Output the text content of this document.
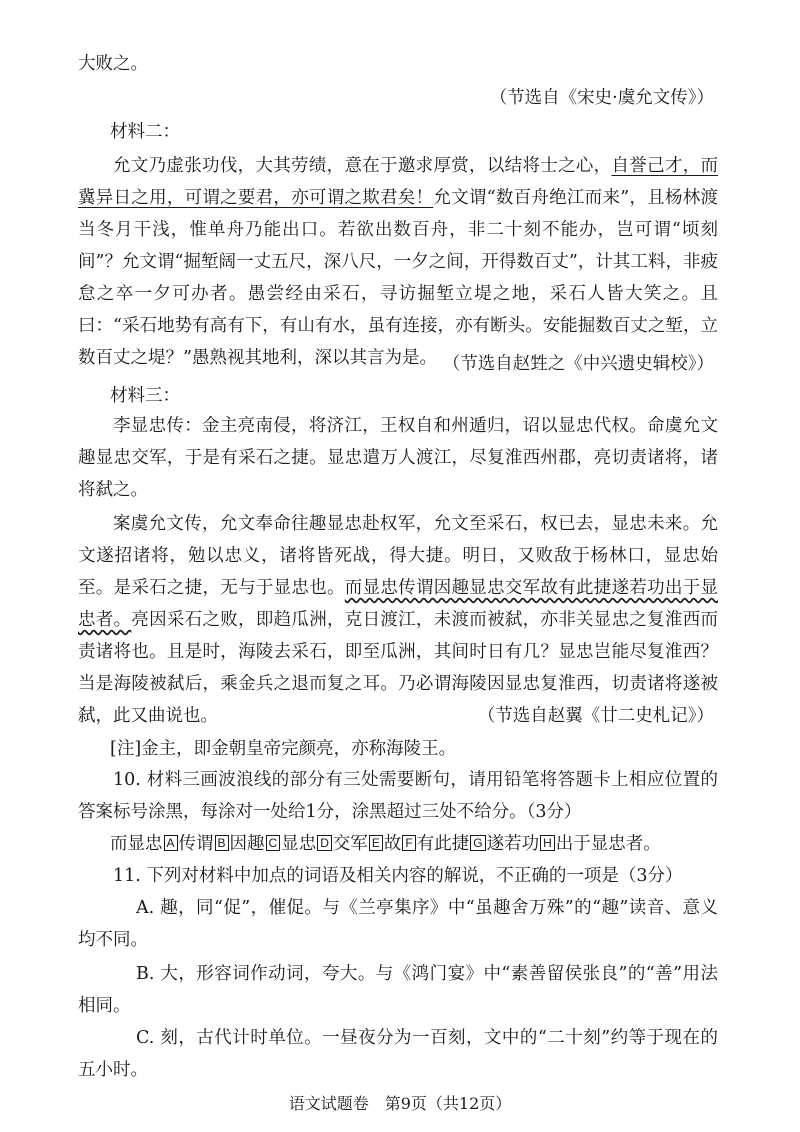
大败之。

（节选自《宋史·虞允文传》）

材料二：

允文乃虚张功伐，大其劳绩，意在于邀求厚赏，以结将士之心，自誉己才，而冀异日之用，可谓之要君，亦可谓之欺君矣！允文谓“数百舟绝江而来”，且杨林渡当冬月干浅，惟单舟乃能出口。若欲出数百舟，非二十刻不能办，岂可谓“顷刻间”？允文谓“掘堑阔一丈五尺，深八尺，一夕之间，开得数百丈”，计其工料，非疲怠之卒一夕可办者。愚尝经由采石，寻访掘堑立堤之地，采石人皆大笑之。且曰：“采石地势有高有下，有山有水，虽有连接，亦有断头。安能掘数百丈之堑，立数百丈之堤？”愚熟视其地利，深以其言为是。 （节选自赵甡之《中兴遗史辑校》）

材料三：

李显忠传：金主亮南侵，将济江，王权自和州遁归，诏以显忠代权。命虞允文趣显忠交军，于是有采石之捷。显忠遣万人渡江，尽复淮西州郡，亮切责诸将，诸将弑之。

案虞允文传，允文奉命往趣显忠赴权军，允文至采石，权已去，显忠未来。允文遂招诸将，勉以忠义，诸将皆死战，得大捷。明日，又败敌于杨林口，显忠始至。是采石之捷，无与于显忠也。而显忠传谓因趣显忠交军故有此捷遂若功出于显忠者。亮因采石之败，即趋瓜洲，克日渡江，未渡而被弑，亦非关显忠之复淮西而责诸将也。且是时，海陵去采石，即至瓜洲，其间时日有几？显忠岂能尽复淮西？当是海陵被弑后，乘金兵之退而复之耳。乃必谓海陵因显忠复淮西，切责诸将遂被弑，此又曲说也。	（节选自赵翼《廿二史札记》）

[注]金主，即金朝皇帝完颜亮，亦称海陵王。

10. 材料三画波浪线的部分有三处需要断句，请用铅笔将答题卡上相应位置的答案标号涂黑，每涂对一处给1分，涂黑超过三处不给分。（3分）

而显忠 A 传谓 B 因趣 C 显忠 D 交军 E 故 F 有此捷 G 遂若功 H 出于显忠者。

11. 下列对材料中加点的词语及相关内容的解说，不正确的一项是（3分）

A. 趣，同“促”，催促。与《兰亭集序》中“虽趣舍万殊”的“趣”读音、意义均不同。

B. 大，形容词作动词，夸大。与《鸿门宴》中“素善留侯张良”的“善”用法相同。

C. 刻，古代计时单位。一昼夜分为一百刻，文中的“二十刻”约等于现在的五小时。

语文试题卷　第9页（共12页）
